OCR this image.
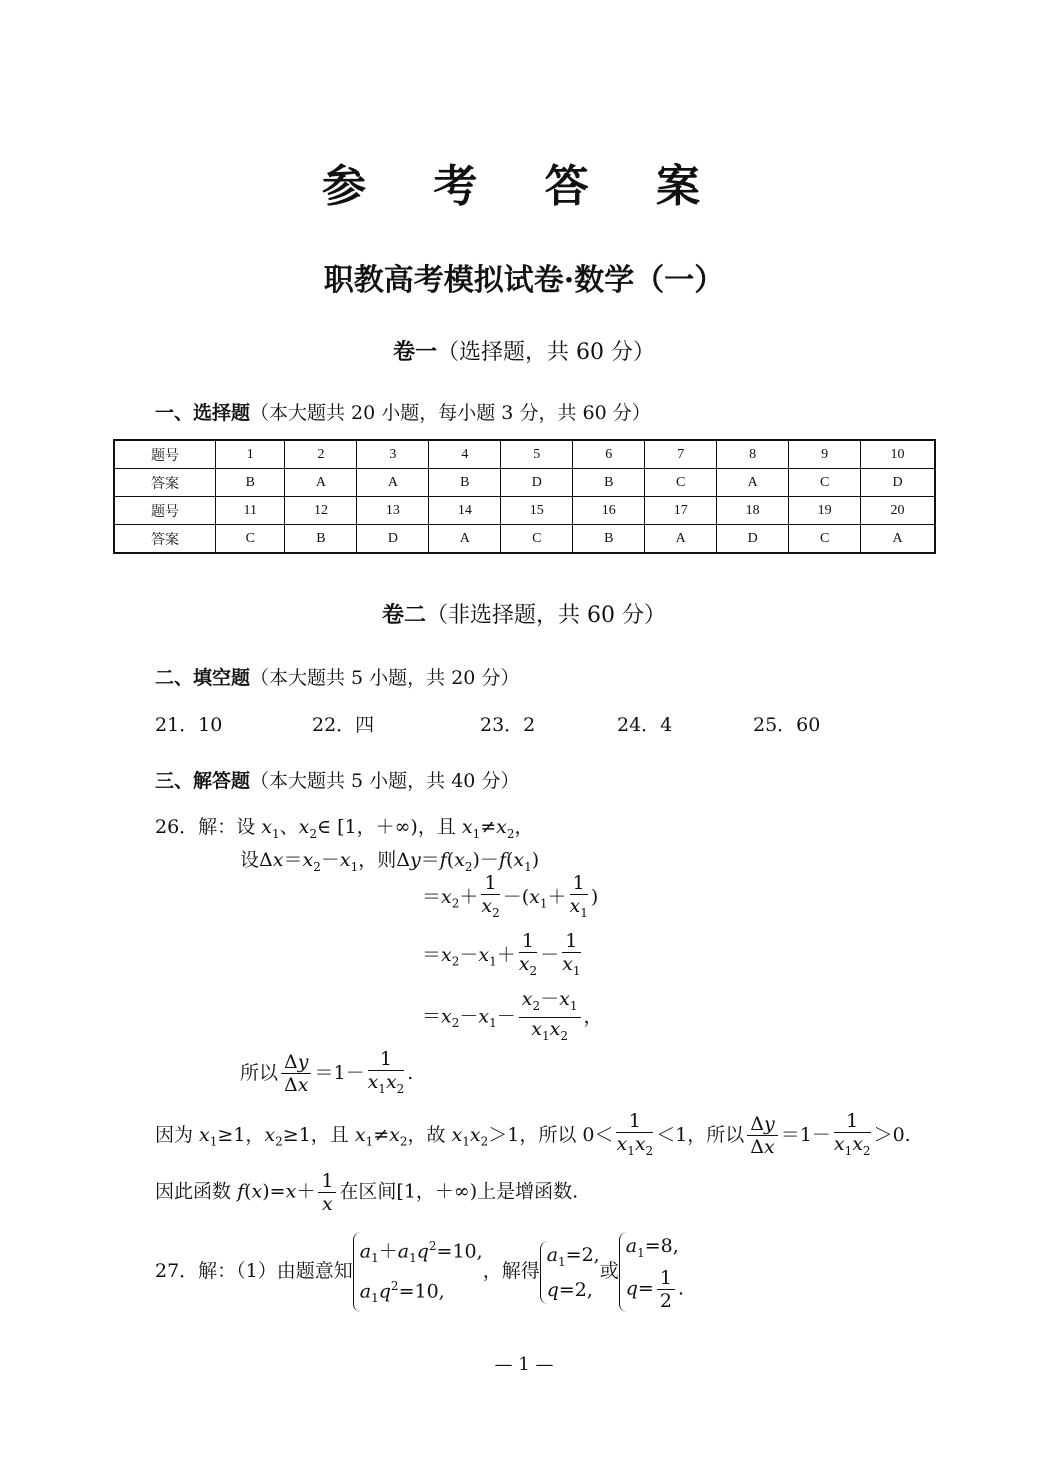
参 考 答 案
职教高考模拟试卷·数学（一）
卷一（选择题，共 60 分）
一、选择题（本大题共 20 小题，每小题 3 分，共 60 分）
题号	1	2	3	4	5	6	7	8	9	10
答案	B	A	A	B	D	B	C	A	C	D
题号	11	12	13	14	15	16	17	18	19	20
答案	C	B	D	A	C	B	A	D	C	A
卷二（非选择题，共 60 分）
二、填空题（本大题共 5 小题，共 20 分）
21．10	22．四	23．2	24．4	25．60
三、解答题（本大题共 5 小题，共 40 分）
26．解：设 $x_1$、$x_2\in$ [1，＋∞)，且 $x_1\ne x_2$，
设$\Delta x=x_2-x_1$，则$\Delta y=f(x_2)-f(x_1)$
$=x_2+ \frac{1}{x_2} -(x_1+ \frac{1}{x_1}$ )
$=x_2-x_1+ \frac{1}{x_2} - \frac{1}{x_1}$
$=x_2-x_1- \frac{x_2-x_1}{x_1x_2}$ ，
所以 $\frac{\Delta y}{\Delta x} =1- \frac{1}{x_1x_2}$ .
因为 $x_1\ge 1$，$x_2\ge 1$，且 $x_1\ne x_2$，故 $x_1x_2>1$，所以 $0< \frac{1}{x_1x_2} <1$，所以 $\frac{\Delta y}{\Delta x} =1- \frac{1}{x_1x_2} >0$.
因此函数 $f(x)=x+ \frac{1}{x}$ 在区间[1，＋∞)上是增函数.
27．解：（1）由题意知$a_1+a_1q^2=10$,
$a_1q^2=10$,，解得$a_1=2$,
q=2,或$a_1=8$,
$q= \frac{1}{2}$ .
— 1 —
